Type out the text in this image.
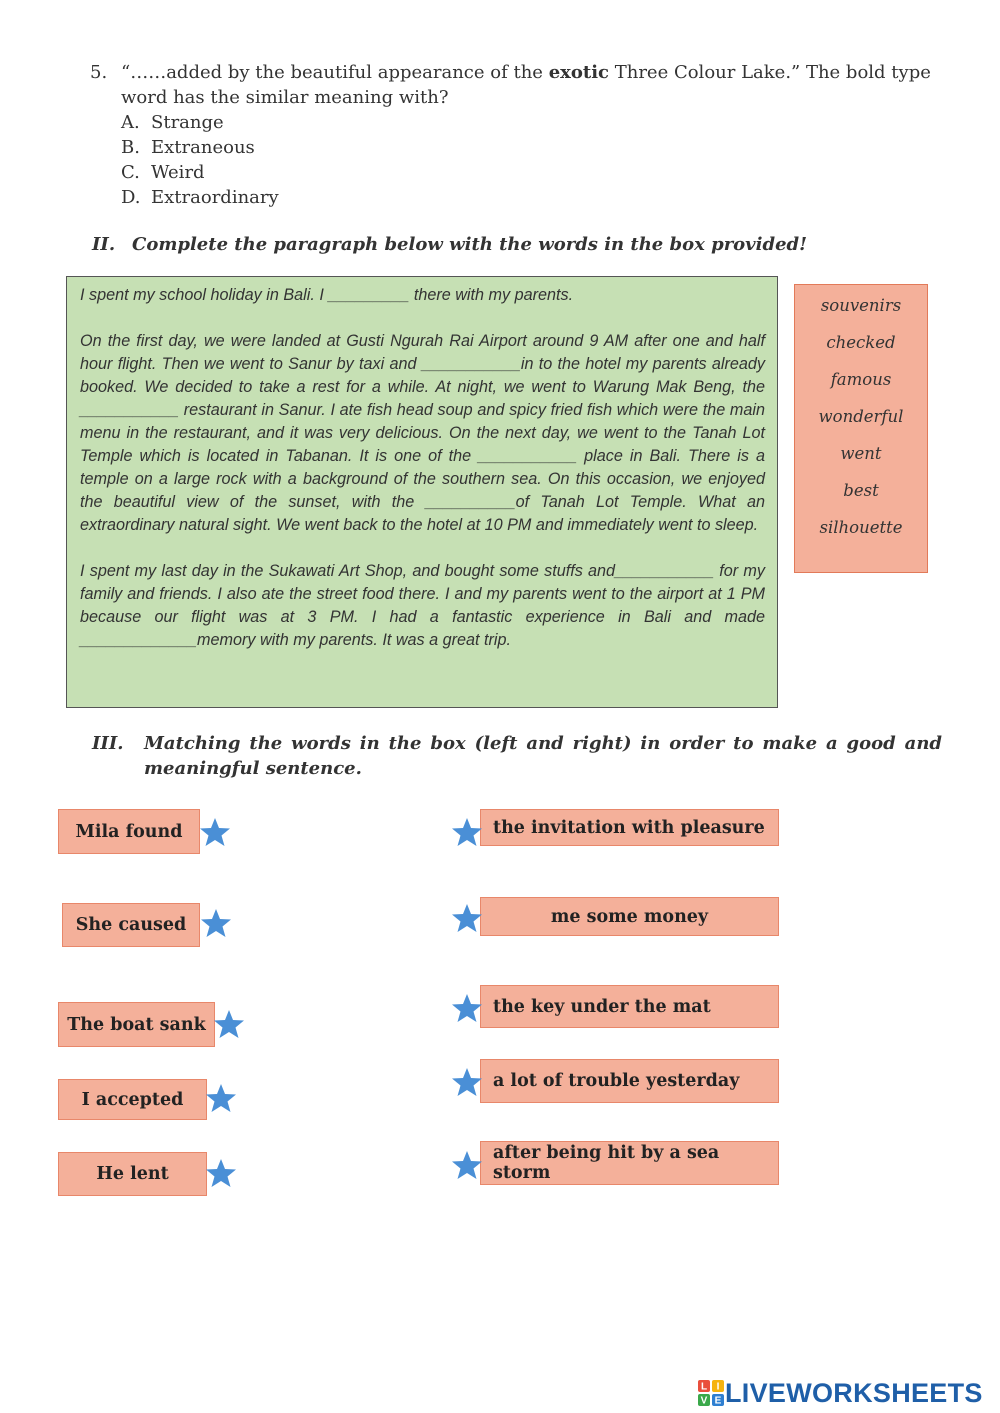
5. “……added by the beautiful appearance of the exotic Three Colour Lake.” The bold type word has the similar meaning with?
A. Strange
B. Extraneous
C. Weird
D. Extraordinary
II. Complete the paragraph below with the words in the box provided!

I spent my school holiday in Bali. I _________ there with my parents.

On the first day, we were landed at Gusti Ngurah Rai Airport around 9 AM after one and half hour flight. Then we went to Sanur by taxi and ___________in to the hotel my parents already booked. We decided to take a rest for a while. At night, we went to Warung Mak Beng, the ___________ restaurant in Sanur. I ate fish head soup and spicy fried fish which were the main menu in the restaurant, and it was very delicious. On the next day, we went to the Tanah Lot Temple which is located in Tabanan. It is one of the ___________ place in Bali. There is a temple on a large rock with a background of the southern sea. On this occasion, we enjoyed the beautiful view of the sunset, with the __________of Tanah Lot Temple. What an extraordinary natural sight. We went back to the hotel at 10 PM and immediately went to sleep.

I spent my last day in the Sukawati Art Shop, and bought some stuffs and___________ for my family and friends. I also ate the street food there. I and my parents went to the airport at 1 PM because our flight was at 3 PM. I had a fantastic experience in Bali and made _____________memory with my parents. It was a great trip.

souvenirs
checked
famous
wonderful
went
best
silhouette
III. Matching the words in the box (left and right) in order to make a good and meaningful sentence.
Mila found
She caused
The boat sank
I accepted
He lent
the invitation with pleasure
me some money
the key under the mat
a lot of trouble yesterday
after being hit by a sea storm
L I
V E LIVEWORKSHEETS
